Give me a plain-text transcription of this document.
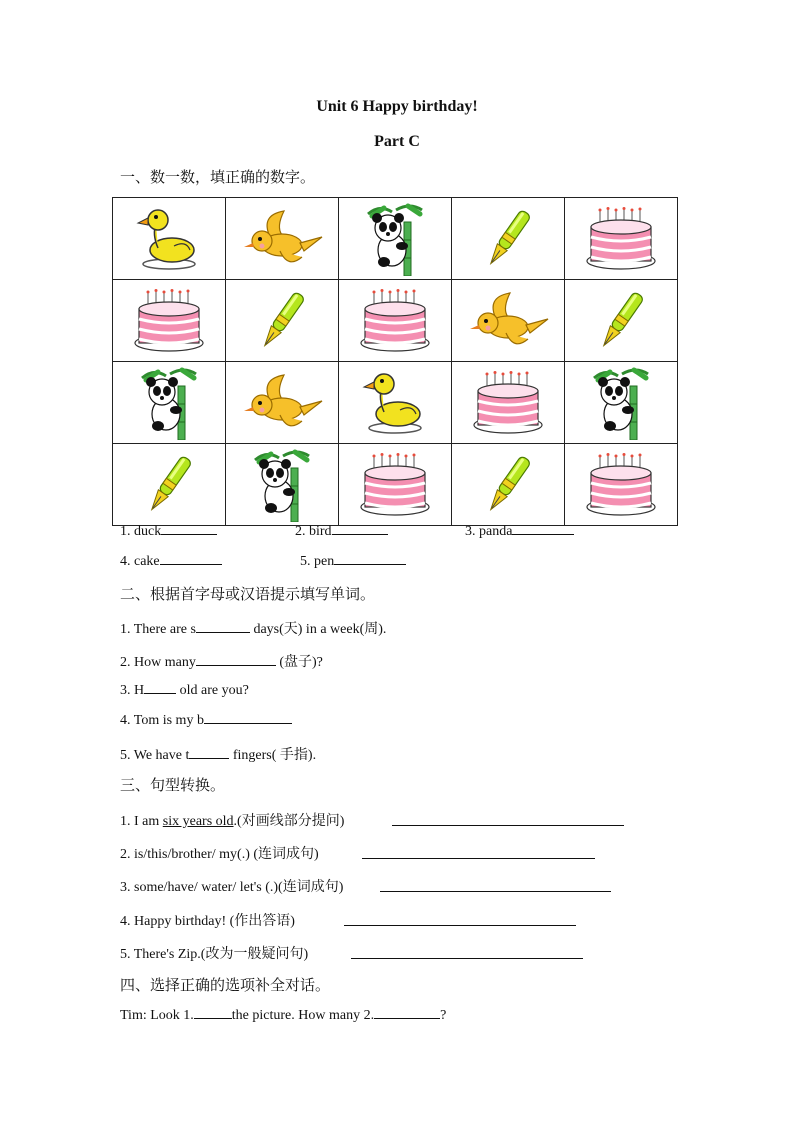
Unit 6 Happy birthday!
Part C
一、数一数，填正确的数字。

1. duck	2. bird	3. panda
4. cake	5. pen
二、根据首字母或汉语提示填写单词。
1. There are s	days(天) in a week(周).
2. How many	(盘子)?
3. H old are you?
4. Tom is my b
5. We have t	fingers( 手指).
三、句型转换。
1. I am six years old.(对画线部分提问)
2. is/this/brother/ my(.) (连词成句)
3. some/have/ water/ let's (.)(连词成句)
4. Happy birthday! (作出答语)
5. There's Zip.(改为一般疑问句)
四、选择正确的选项补全对话。
Tim: Look 1.	the picture. How many 2.	?
